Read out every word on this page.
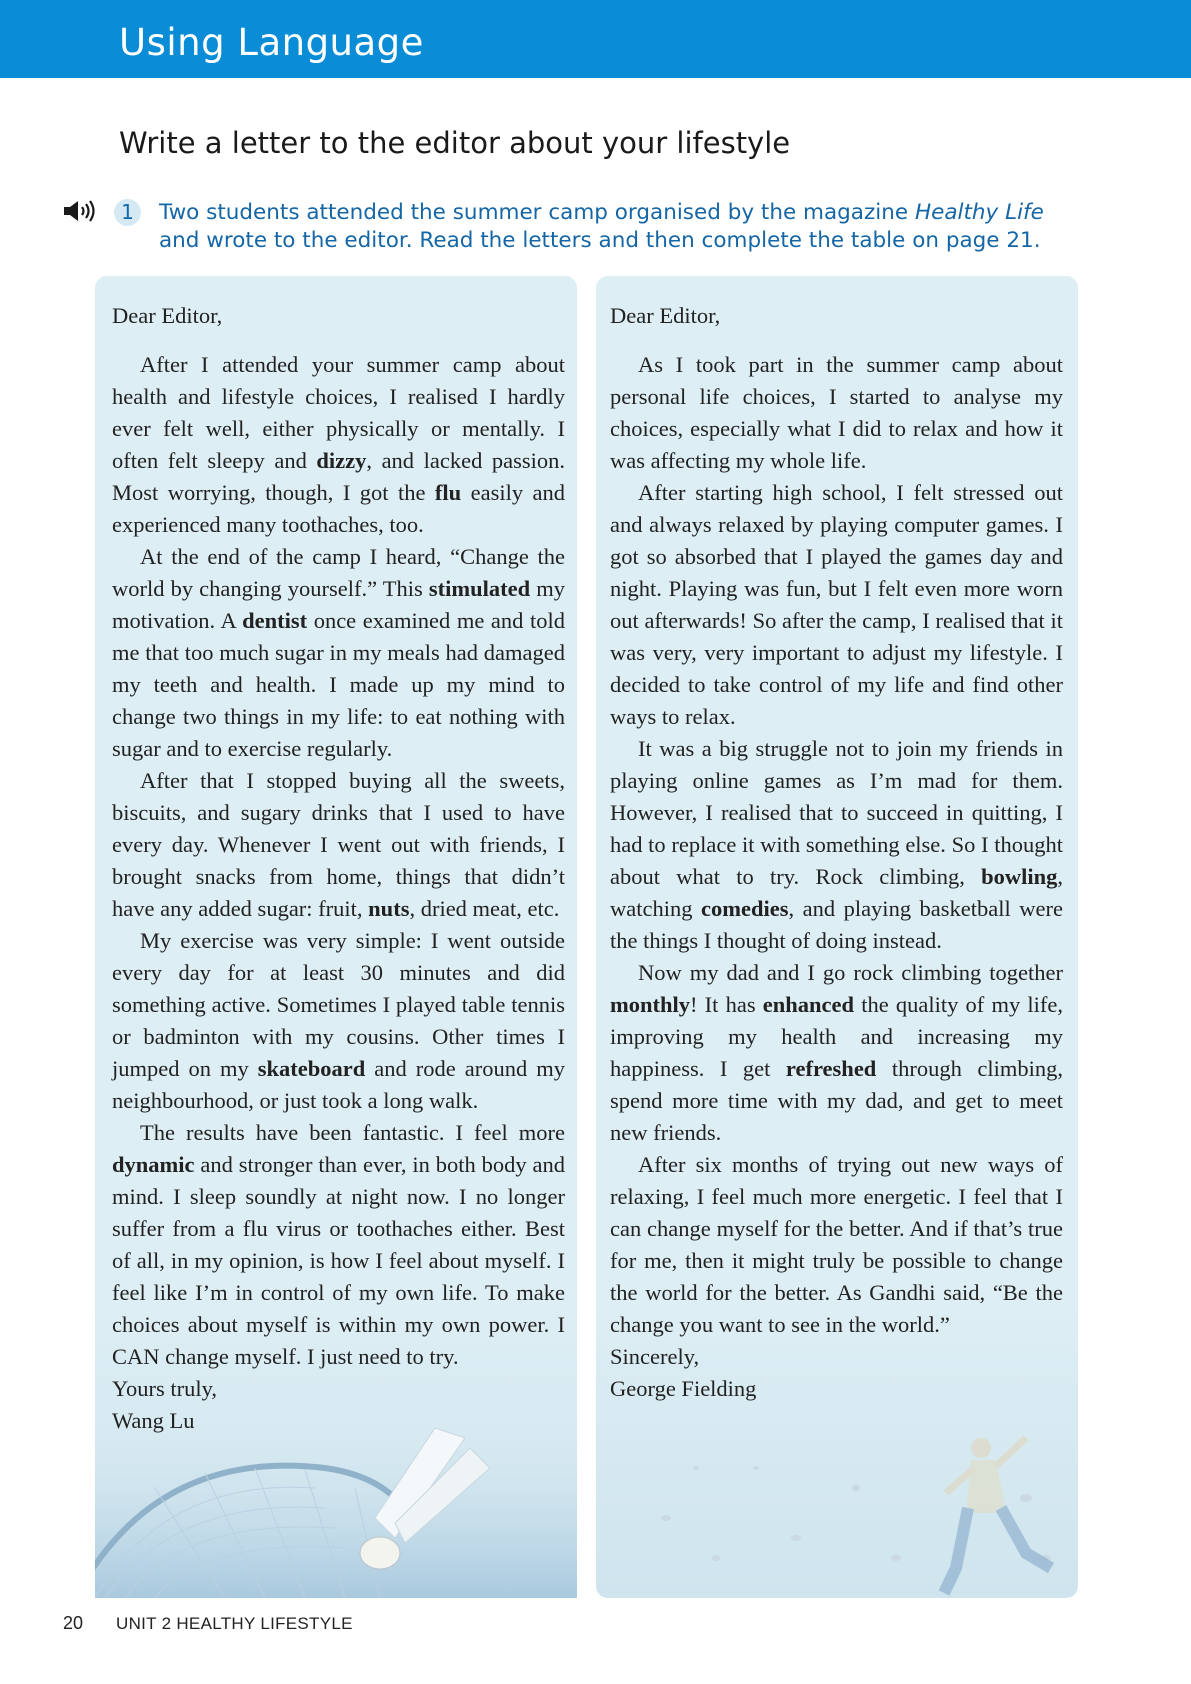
Using Language
Write a letter to the editor about your lifestyle
1	Two students attended the summer camp organised by the magazine Healthy Life and wrote to the editor. Read the letters and then complete the table on page 21.

Dear Editor,

After I attended your summer camp about health and lifestyle choices, I realised I hardly ever felt well, either physically or mentally. I often felt sleepy and dizzy, and lacked passion. Most worrying, though, I got the flu easily and experienced many toothaches, too.

At the end of the camp I heard, “Change the world by changing yourself.” This stimulated my motivation. A dentist once examined me and told me that too much sugar in my meals had damaged my teeth and health. I made up my mind to change two things in my life: to eat nothing with sugar and to exercise regularly.

After that I stopped buying all the sweets, biscuits, and sugary drinks that I used to have every day. Whenever I went out with friends, I brought snacks from home, things that didn’t have any added sugar: fruit, nuts, dried meat, etc.

My exercise was very simple: I went outside every day for at least 30 minutes and did something active. Sometimes I played table tennis or badminton with my cousins. Other times I jumped on my skateboard and rode around my neighbourhood, or just took a long walk.

The results have been fantastic. I feel more dynamic and stronger than ever, in both body and mind. I sleep soundly at night now. I no longer suffer from a flu virus or toothaches either. Best of all, in my opinion, is how I feel about myself. I feel like I’m in control of my own life. To make choices about myself is within my own power. I CAN change myself. I just need to try.

Yours truly,

Wang Lu

Dear Editor,

As I took part in the summer camp about personal life choices, I started to analyse my choices, especially what I did to relax and how it was affecting my whole life.

After starting high school, I felt stressed out and always relaxed by playing computer games. I got so absorbed that I played the games day and night. Playing was fun, but I felt even more worn out afterwards! So after the camp, I realised that it was very, very important to adjust my lifestyle. I decided to take control of my life and find other ways to relax.

It was a big struggle not to join my friends in playing online games as I’m mad for them. However, I realised that to succeed in quitting, I had to replace it with something else. So I thought about what to try. Rock climbing, bowling, watching comedies, and playing basketball were the things I thought of doing instead.

Now my dad and I go rock climbing together monthly! It has enhanced the quality of my life, improving my health and increasing my happiness. I get refreshed through climbing, spend more time with my dad, and get to meet new friends.

After six months of trying out new ways of relaxing, I feel much more energetic. I feel that I can change myself for the better. And if that’s true for me, then it might truly be possible to change the world for the better. As Gandhi said, “Be the change you want to see in the world.”

Sincerely,

George Fielding

20 UNIT 2 HEALTHY LIFESTYLE
